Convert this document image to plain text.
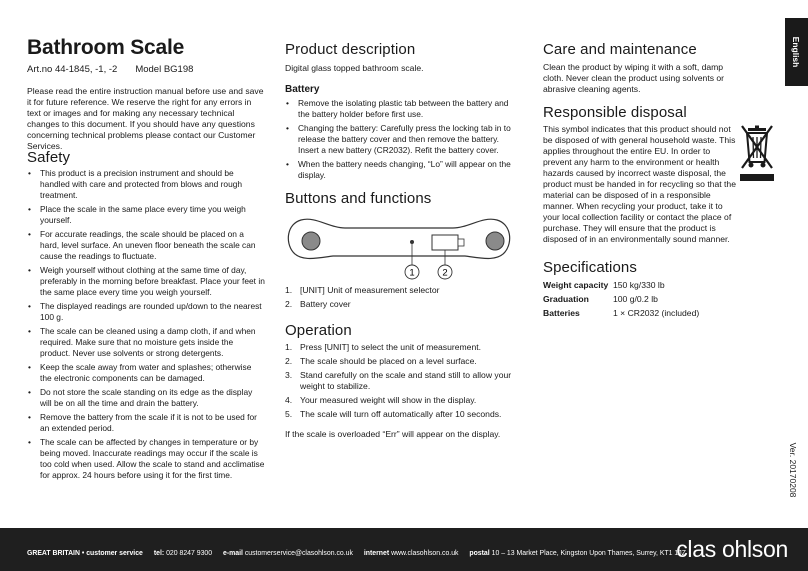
English
Ver. 20170208
Bathroom Scale
Art.no 44-1845, -1, -2 Model BG198

Please read the entire instruction manual before use and save it for future reference. We reserve the right for any errors in text or images and for making any necessary technical changes to this document. If you should have any questions concerning technical problems please contact our Customer Services.

Safety
• This product is a precision instrument and should be handled with care and protected from blows and rough treatment.
• Place the scale in the same place every time you weigh yourself.
• For accurate readings, the scale should be placed on a hard, level surface. An uneven floor beneath the scale can cause the readings to fluctuate.
• Weigh yourself without clothing at the same time of day, preferably in the morning before breakfast. Place your feet in the same place every time you weigh yourself.
• The displayed readings are rounded up/down to the nearest 100 g.
• The scale can be cleaned using a damp cloth, if and when required. Make sure that no moisture gets inside the product. Never use solvents or strong detergents.
• Keep the scale away from water and splashes; otherwise the electronic components can be damaged.
• Do not store the scale standing on its edge as the display will be on all the time and drain the battery.
• Remove the battery from the scale if it is not to be used for an extended period.
• The scale can be affected by changes in temperature or by being moved. Inaccurate readings may occur if the scale is too cold when used. Allow the scale to stand and acclimatise for approx. 24 hours before using it for the first time.
Product description

Digital glass topped bathroom scale.

Battery
• Remove the isolating plastic tab between the battery and the battery holder before first use.
• Changing the battery: Carefully press the locking tab in to release the battery cover and then remove the battery. Insert a new battery (CR2032). Refit the battery cover.
• When the battery needs changing, “Lo” will appear on the display.
Buttons and functions
1	2
1. [UNIT] Unit of measurement selector
2. Battery cover
Operation
1. Press [UNIT] to select the unit of measurement.
2. The scale should be placed on a level surface.
3. Stand carefully on the scale and stand still to allow your weight to stabilize.
4. Your measured weight will show in the display.
5. The scale will turn off automatically after 10 seconds.

If the scale is overloaded “Err” will appear on the display.

Care and maintenance

Clean the product by wiping it with a soft, damp cloth. Never clean the product using solvents or abrasive cleaning agents.

Responsible disposal

This symbol indicates that this product should not be disposed of with general household waste. This applies throughout the entire EU. In order to prevent any harm to the environment or health hazards caused by incorrect waste disposal, the product must be handed in for recycling so that the material can be disposed of in a responsible manner. When recycling your product, take it to your local collection facility or contact the place of purchase. They will ensure that the product is disposed of in an environmentally sound manner.

Specifications
Weight capacity	150 kg/330 lb
Graduation	100 g/0.2 lb
Batteries	1 × CR2032 (included)
GREAT BRITAIN • customer service tel: 020 8247 9300 e-mail customerservice@clasohlson.co.uk internet www.clasohlson.co.uk postal 10 – 13 Market Place, Kingston Upon Thames, Surrey, KT1 1JZ
clas ohlson
